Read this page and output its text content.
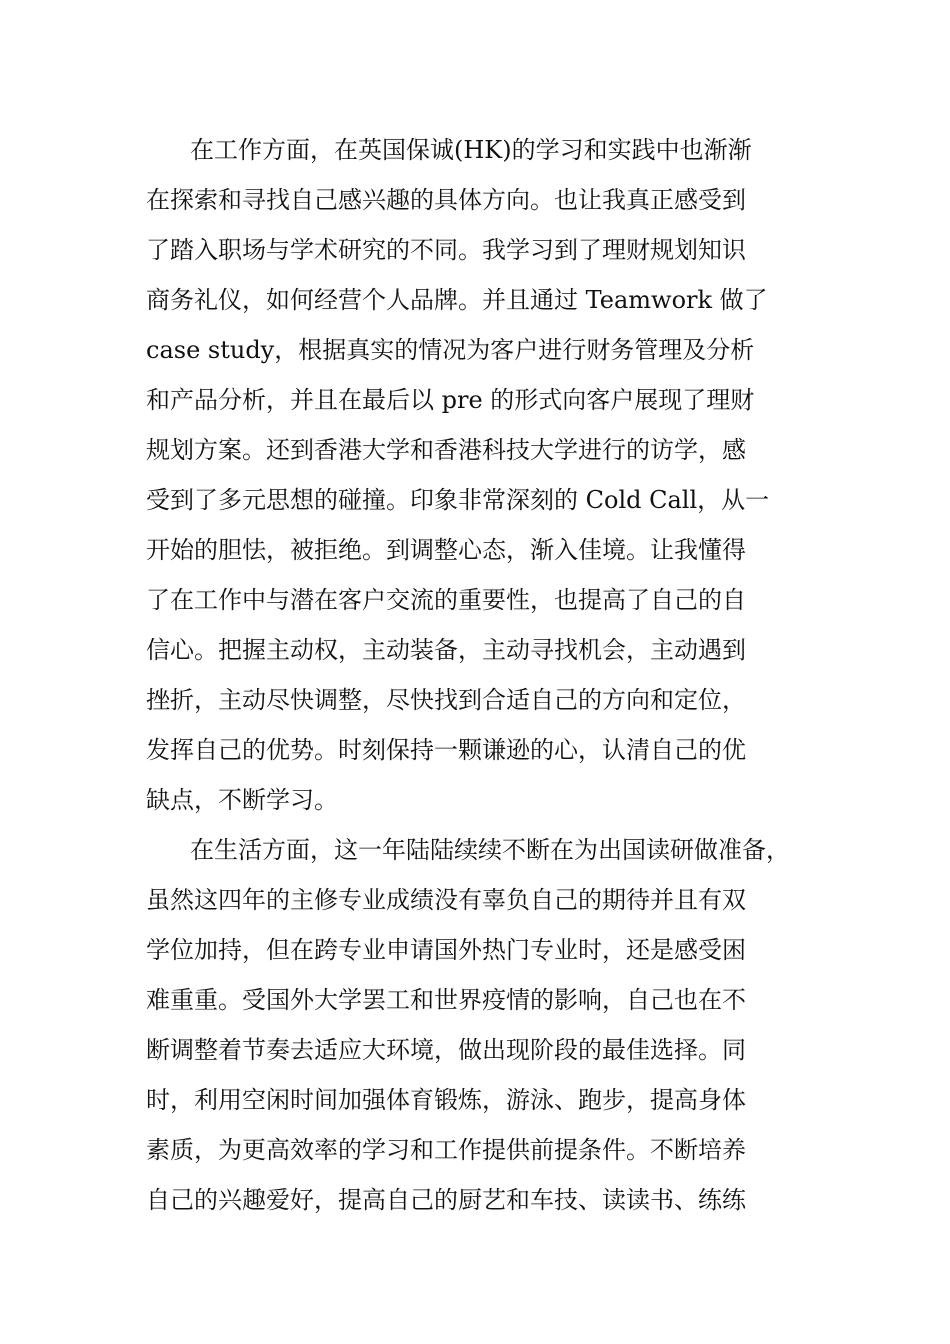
在工作方面，在英国保诚(HK)的学习和实践中也渐渐
在探索和寻找自己感兴趣的具体方向。也让我真正感受到
了踏入职场与学术研究的不同。我学习到了理财规划知识
商务礼仪，如何经营个人品牌。并且通过 Teamwork 做了
case study，根据真实的情况为客户进行财务管理及分析
和产品分析，并且在最后以 pre 的形式向客户展现了理财
规划方案。还到香港大学和香港科技大学进行的访学，感
受到了多元思想的碰撞。印象非常深刻的 Cold Call，从一
开始的胆怯，被拒绝。到调整心态，渐入佳境。让我懂得
了在工作中与潜在客户交流的重要性，也提高了自己的自
信心。把握主动权，主动装备，主动寻找机会，主动遇到
挫折，主动尽快调整，尽快找到合适自己的方向和定位，
发挥自己的优势。时刻保持一颗谦逊的心，认清自己的优
缺点，不断学习。
在生活方面，这一年陆陆续续不断在为出国读研做准备，
虽然这四年的主修专业成绩没有辜负自己的期待并且有双
学位加持，但在跨专业申请国外热门专业时，还是感受困
难重重。受国外大学罢工和世界疫情的影响，自己也在不
断调整着节奏去适应大环境，做出现阶段的最佳选择。同
时，利用空闲时间加强体育锻炼，游泳、跑步，提高身体
素质，为更高效率的学习和工作提供前提条件。不断培养
自己的兴趣爱好，提高自己的厨艺和车技、读读书、练练
